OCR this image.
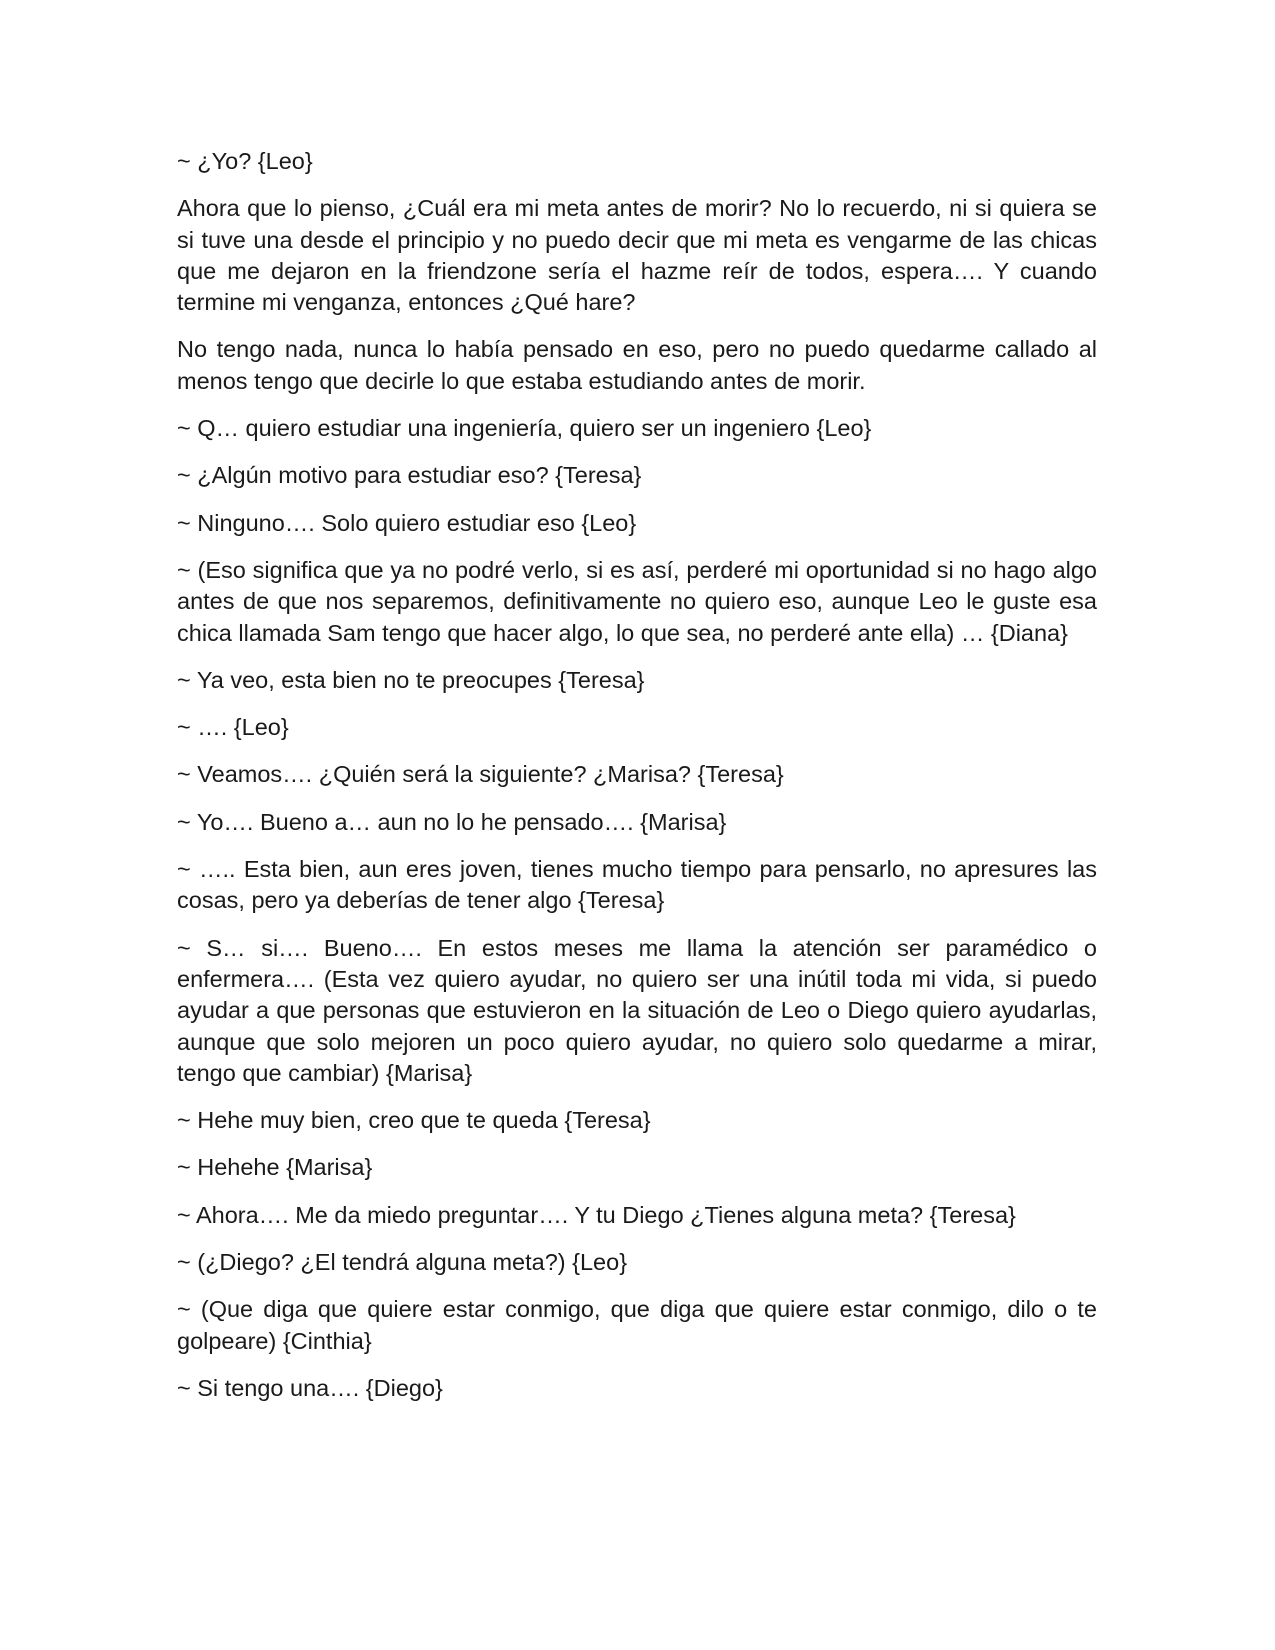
~ ¿Yo? {Leo}

Ahora que lo pienso, ¿Cuál era mi meta antes de morir? No lo recuerdo, ni si quiera se si tuve una desde el principio y no puedo decir que mi meta es vengarme de las chicas que me dejaron en la friendzone sería el hazme reír de todos, espera…. Y cuando termine mi venganza, entonces ¿Qué hare?

No tengo nada, nunca lo había pensado en eso, pero no puedo quedarme callado al menos tengo que decirle lo que estaba estudiando antes de morir.

~ Q… quiero estudiar una ingeniería, quiero ser un ingeniero {Leo}

~ ¿Algún motivo para estudiar eso? {Teresa}

~ Ninguno…. Solo quiero estudiar eso {Leo}

~ (Eso significa que ya no podré verlo, si es así, perderé mi oportunidad si no hago algo antes de que nos separemos, definitivamente no quiero eso, aunque Leo le guste esa chica llamada Sam tengo que hacer algo, lo que sea, no perderé ante ella) … {Diana}

~ Ya veo, esta bien no te preocupes {Teresa}

~ …. {Leo}

~ Veamos…. ¿Quién será la siguiente? ¿Marisa? {Teresa}

~ Yo…. Bueno a… aun no lo he pensado…. {Marisa}

~ ….. Esta bien, aun eres joven, tienes mucho tiempo para pensarlo, no apresures las cosas, pero ya deberías de tener algo {Teresa}

~ S… si…. Bueno…. En estos meses me llama la atención ser paramédico o enfermera…. (Esta vez quiero ayudar, no quiero ser una inútil toda mi vida, si puedo ayudar a que personas que estuvieron en la situación de Leo o Diego quiero ayudarlas, aunque que solo mejoren un poco quiero ayudar, no quiero solo quedarme a mirar, tengo que cambiar) {Marisa}

~ Hehe muy bien, creo que te queda {Teresa}

~ Hehehe {Marisa}

~ Ahora…. Me da miedo preguntar…. Y tu Diego ¿Tienes alguna meta? {Teresa}

~ (¿Diego? ¿El tendrá alguna meta?) {Leo}

~ (Que diga que quiere estar conmigo, que diga que quiere estar conmigo, dilo o te golpeare) {Cinthia}

~ Si tengo una…. {Diego}
